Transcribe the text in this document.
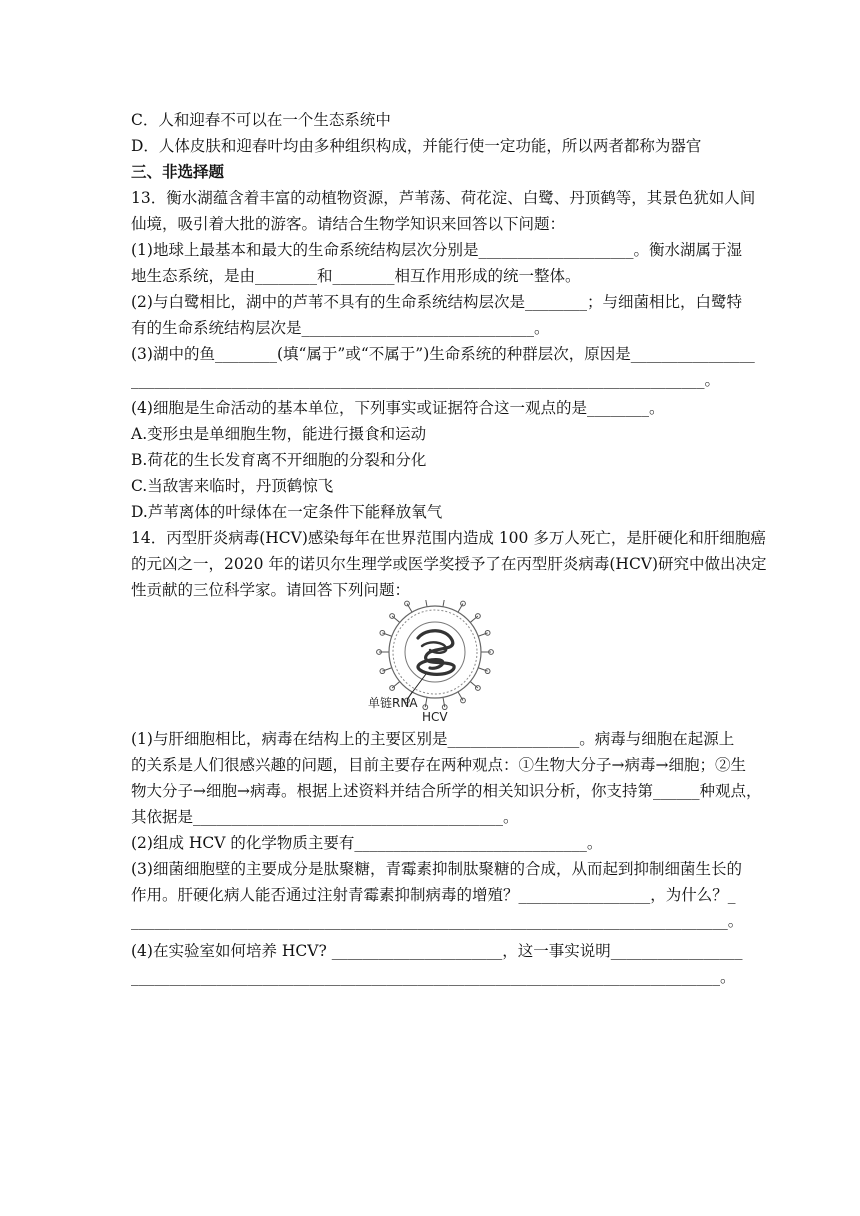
C．人和迎春不可以在一个生态系统中
D．人体皮肤和迎春叶均由多种组织构成，并能行使一定功能，所以两者都称为器官
三、非选择题
13．衡水湖蕴含着丰富的动植物资源，芦苇荡、荷花淀、白鹭、丹顶鹤等，其景色犹如人间
仙境，吸引着大批的游客。请结合生物学知识来回答以下问题：
(1)地球上最基本和最大的生命系统结构层次分别是____________________。衡水湖属于湿
地生态系统，是由________和________相互作用形成的统一整体。
(2)与白鹭相比，湖中的芦苇不具有的生命系统结构层次是________；与细菌相比，白鹭特
有的生命系统结构层次是______________________________。
(3)湖中的鱼________(填“属于”或“不属于”)生命系统的种群层次，原因是________________
__________________________________________________________________________。
(4)细胞是生命活动的基本单位，下列事实或证据符合这一观点的是________。
A.变形虫是单细胞生物，能进行摄食和运动
B.荷花的生长发育离不开细胞的分裂和分化
C.当敌害来临时，丹顶鹤惊飞
D.芦苇离体的叶绿体在一定条件下能释放氧气
14．丙型肝炎病毒(HCV)感染每年在世界范围内造成 100 多万人死亡，是肝硬化和肝细胞癌
的元凶之一，2020 年的诺贝尔生理学或医学奖授予了在丙型肝炎病毒(HCV)研究中做出决定
性贡献的三位科学家。请回答下列问题：
(1)与肝细胞相比，病毒在结构上的主要区别是_________________。病毒与细胞在起源上
的关系是人们很感兴趣的问题，目前主要存在两种观点：①生物大分子→病毒→细胞；②生
物大分子→细胞→病毒。根据上述资料并结合所学的相关知识分析，你支持第______种观点，
其依据是________________________________________。
(2)组成 HCV 的化学物质主要有______________________________。
(3)细菌细胞壁的主要成分是肽聚糖，青霉素抑制肽聚糖的合成，从而起到抑制细菌生长的
作用。肝硬化病人能否通过注射青霉素抑制病毒的增殖？_________________，为什么？_
_____________________________________________________________________________。
(4)在实验室如何培养 HCV? ______________________，这一事实说明_________________
____________________________________________________________________________。
单链RNA
HCV
